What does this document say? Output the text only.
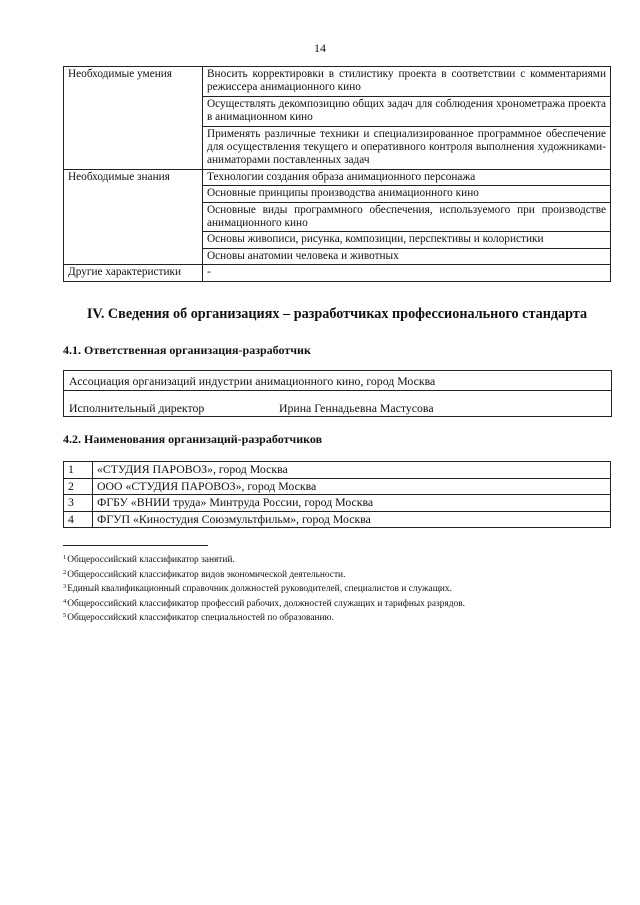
14
Необходимые умения	Вносить корректировки в стилистику проекта в соответствии с комментариями режиссера анимационного кино
	Осуществлять декомпозицию общих задач для соблюдения хронометража проекта в анимационном кино
	Применять различные техники и специализированное программное обеспечение для осуществления текущего и оперативного контроля выполнения художниками-аниматорами поставленных задач
Необходимые знания	Технологии создания образа анимационного персонажа
	Основные принципы производства анимационного кино
	Основные виды программного обеспечения, используемого при производстве анимационного кино
	Основы живописи, рисунка, композиции, перспективы и колористики
	Основы анатомии человека и животных
Другие характеристики	-
IV. Сведения об организациях – разработчиках профессионального стандарта
4.1. Ответственная организация-разработчик
Ассоциация организаций индустрии анимационного кино, город Москва
Исполнительный директор	Ирина Геннадьевна Мастусова
4.2. Наименования организаций-разработчиков
1	«СТУДИЯ ПАРОВОЗ», город Москва
2	ООО «СТУДИЯ ПАРОВОЗ», город Москва
3	ФГБУ «ВНИИ труда» Минтруда России, город Москва
4	ФГУП «Киностудия Союзмультфильм», город Москва
$^1$Общероссийский классификатор занятий.
$^2$Общероссийский классификатор видов экономической деятельности.
$^3$Единый квалификационный справочник должностей руководителей, специалистов и служащих.
$^4$Общероссийский классификатор профессий рабочих, должностей служащих и тарифных разрядов.
$^5$Общероссийский классификатор специальностей по образованию.
